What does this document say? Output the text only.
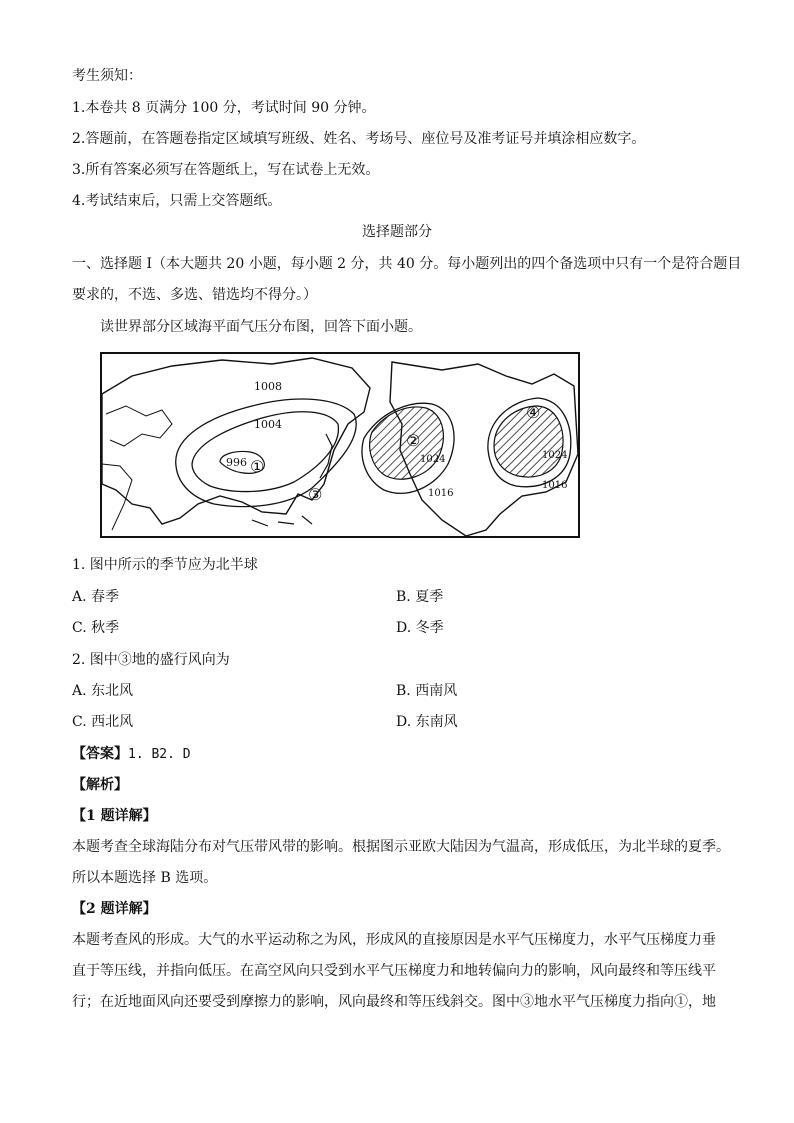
考生须知：
1.本卷共 8 页满分 100 分，考试时间 90 分钟。
2.答题前，在答题卷指定区域填写班级、姓名、考场号、座位号及准考证号并填涂相应数字。
3.所有答案必须写在答题纸上，写在试卷上无效。
4.考试结束后，只需上交答题纸。
选择题部分
一、选择题 I（本大题共 20 小题，每小题 2 分，共 40 分。每小题列出的四个备选项中只有一个是符合题目
要求的，不选、多选、错选均不得分。）
读世界部分区域海平面气压分布图，回答下面小题。
1008
1004
996	1024
1016
1024
1016
①
②
③
④
1. 图中所示的季节应为北半球
A. 春季	B. 夏季
C. 秋季	D. 冬季
2. 图中③地的盛行风向为
A. 东北风	B. 西南风
C. 西北风	D. 东南风
【答案】1. B2. D
【解析】
【1 题详解】
本题考查全球海陆分布对气压带风带的影响。根据图示亚欧大陆因为气温高，形成低压，为北半球的夏季。
所以本题选择 B 选项。
【2 题详解】
本题考查风的形成。大气的水平运动称之为风，形成风的直接原因是水平气压梯度力，水平气压梯度力垂
直于等压线，并指向低压。在高空风向只受到水平气压梯度力和地转偏向力的影响，风向最终和等压线平
行；在近地面风向还要受到摩擦力的影响，风向最终和等压线斜交。图中③地水平气压梯度力指向①，地
